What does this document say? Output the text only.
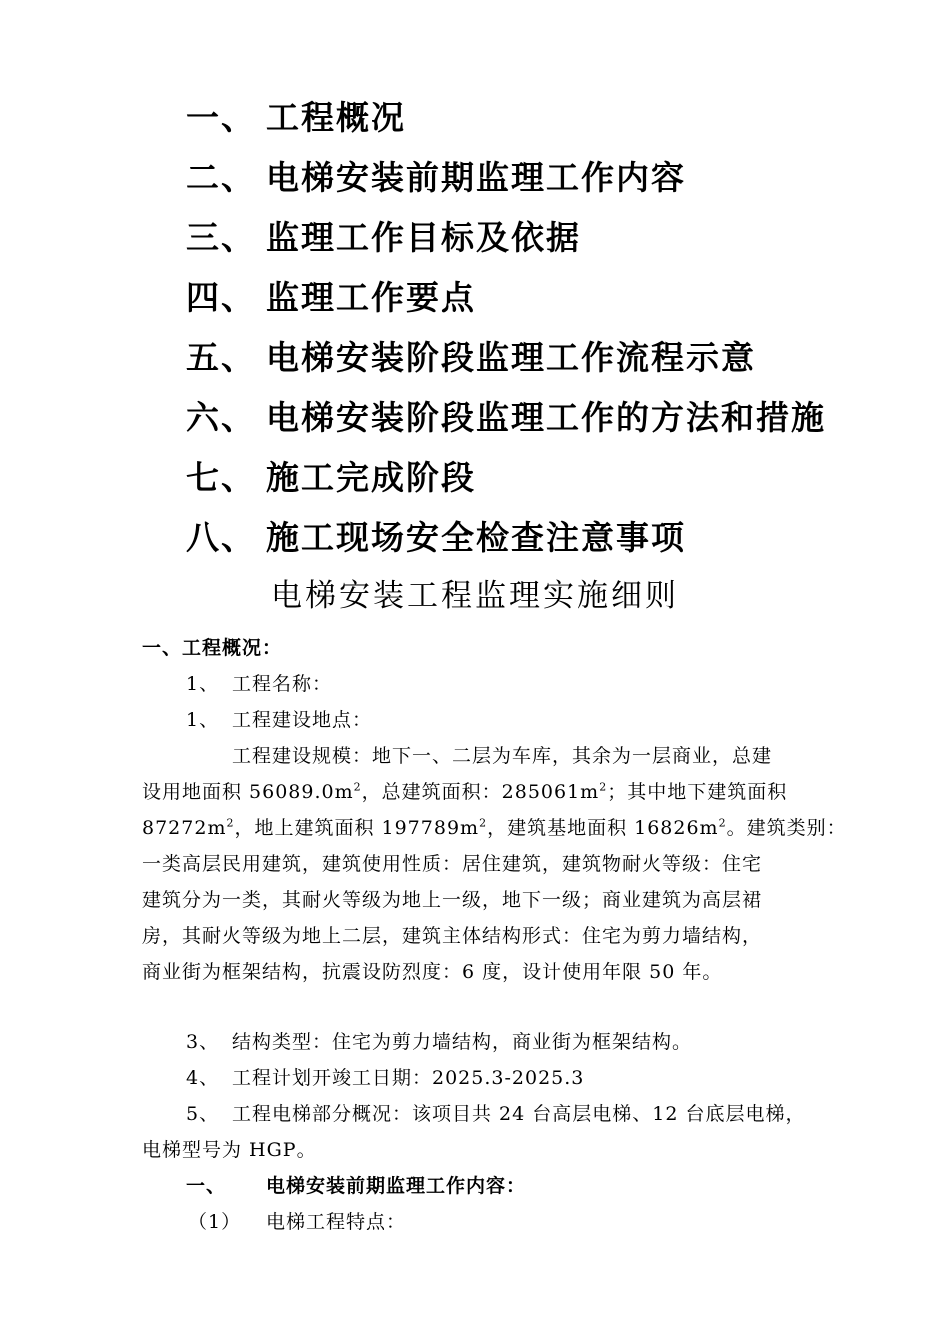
一、 工程概况
二、 电梯安装前期监理工作内容
三、 监理工作目标及依据
四、 监理工作要点
五、 电梯安装阶段监理工作流程示意
六、 电梯安装阶段监理工作的方法和措施
七、 施工完成阶段
八、 施工现场安全检查注意事项
电梯安装工程监理实施细则
一、工程概况：
1、 工程名称：
1、 工程建设地点：
工程建设规模：地下一、二层为车库，其余为一层商业，总建
设用地面积 $56089.0m^2$，总建筑面积：$285061m^2$；其中地下建筑面积
$87272m^2$，地上建筑面积 $197789m^2$，建筑基地面积 $16826m^2$。建筑类别：
一类高层民用建筑，建筑使用性质：居住建筑，建筑物耐火等级：住宅
建筑分为一类，其耐火等级为地上一级，地下一级；商业建筑为高层裙
房，其耐火等级为地上二层，建筑主体结构形式：住宅为剪力墙结构，
商业街为框架结构，抗震设防烈度：6 度，设计使用年限 50 年。
3、 结构类型：住宅为剪力墙结构，商业街为框架结构。
4、 工程计划开竣工日期：2025.3-2025.3
5、 工程电梯部分概况：该项目共 24 台高层电梯、12 台底层电梯，
电梯型号为 HGP。
一、 电梯安装前期监理工作内容：
（1） 电梯工程特点：
